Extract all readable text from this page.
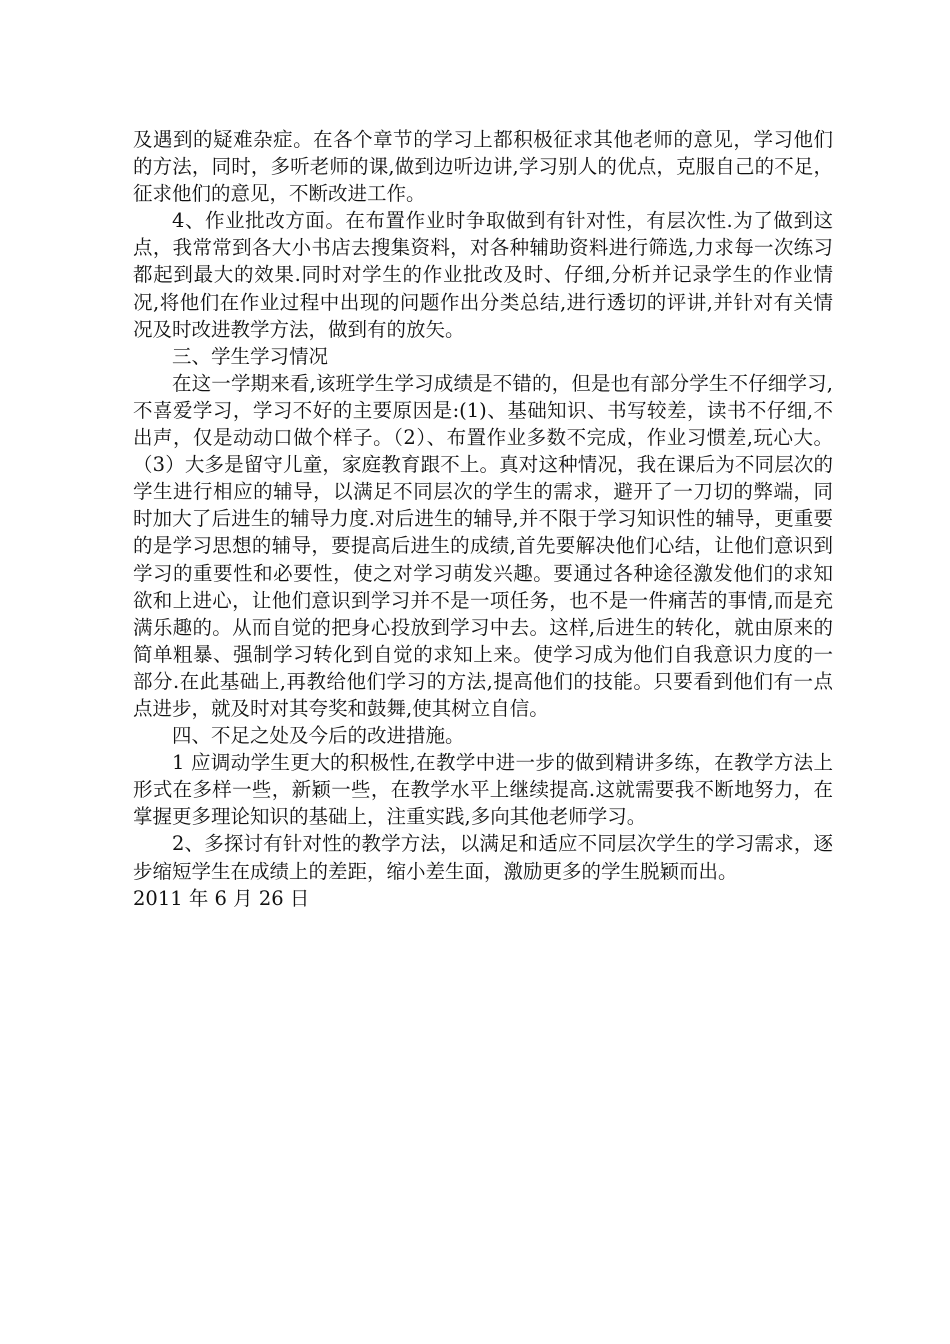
及遇到的疑难杂症。在各个章节的学习上都积极征求其他老师的意见，学习他们的方法，同时，多听老师的课,做到边听边讲,学习别人的优点，克服自己的不足，征求他们的意见，不断改进工作。

4、作业批改方面。在布置作业时争取做到有针对性，有层次性.为了做到这点，我常常到各大小书店去搜集资料，对各种辅助资料进行筛选,力求每一次练习都起到最大的效果.同时对学生的作业批改及时、仔细,分析并记录学生的作业情况,将他们在作业过程中出现的问题作出分类总结,进行透切的评讲,并针对有关情况及时改进教学方法，做到有的放矢。

三、学生学习情况

在这一学期来看,该班学生学习成绩是不错的，但是也有部分学生不仔细学习,不喜爱学习，学习不好的主要原因是:(1)、基础知识、书写较差，读书不仔细,不出声，仅是动动口做个样子。（2）、布置作业多数不完成，作业习惯差,玩心大。（3）大多是留守儿童，家庭教育跟不上。真对这种情况，我在课后为不同层次的学生进行相应的辅导，以满足不同层次的学生的需求，避开了一刀切的弊端，同时加大了后进生的辅导力度.对后进生的辅导,并不限于学习知识性的辅导，更重要的是学习思想的辅导，要提高后进生的成绩,首先要解决他们心结，让他们意识到学习的重要性和必要性，使之对学习萌发兴趣。要通过各种途径激发他们的求知欲和上进心，让他们意识到学习并不是一项任务，也不是一件痛苦的事情,而是充满乐趣的。从而自觉的把身心投放到学习中去。这样,后进生的转化，就由原来的简单粗暴、强制学习转化到自觉的求知上来。使学习成为他们自我意识力度的一部分.在此基础上,再教给他们学习的方法,提高他们的技能。只要看到他们有一点点进步，就及时对其夸奖和鼓舞,使其树立自信。

四、不足之处及今后的改进措施。

1 应调动学生更大的积极性,在教学中进一步的做到精讲多练，在教学方法上形式在多样一些，新颖一些，在教学水平上继续提高.这就需要我不断地努力，在掌握更多理论知识的基础上，注重实践,多向其他老师学习。

2、多探讨有针对性的教学方法，以满足和适应不同层次学生的学习需求，逐步缩短学生在成绩上的差距，缩小差生面，激励更多的学生脱颖而出。

2011 年 6 月 26 日
